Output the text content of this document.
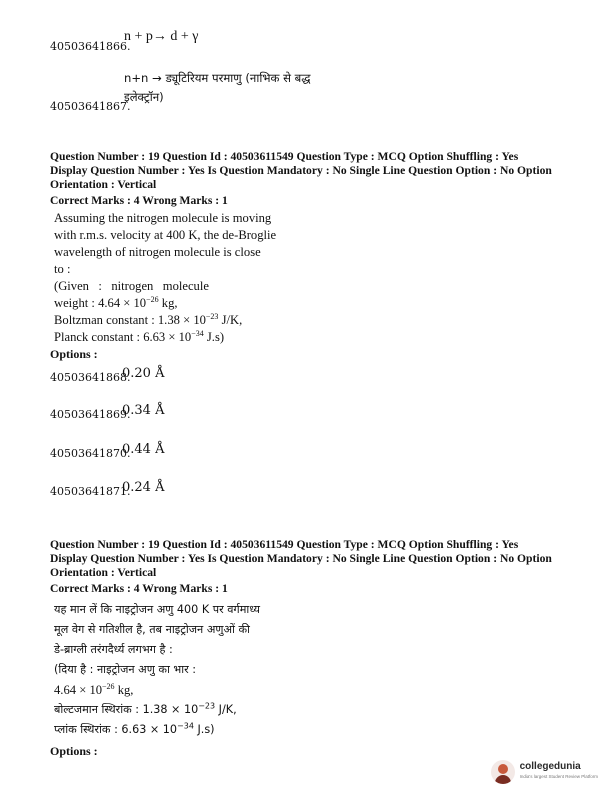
40503641866.
n + p→ d + γ
n+n → ड्यूटिरियम परमाणु (नाभिक से बद्ध
इलेक्ट्रॉन)
40503641867.
Question Number : 19 Question Id : 40503611549 Question Type : MCQ Option Shuffling : Yes
Display Question Number : Yes Is Question Mandatory : No Single Line Question Option : No Option
Orientation : Vertical
Correct Marks : 4 Wrong Marks : 1
Assuming the nitrogen molecule is moving
with r.m.s. velocity at 400 K, the de-Broglie
wavelength of nitrogen molecule is close
to :
(Given   :   nitrogen   molecule
weight : $4.64 \times 10^{-26}$ kg,
Boltzman constant : $1.38 \times 10^{-23}$ J/K,
Planck constant : $6.63 \times 10^{-34}$ J.s)
Options :
40503641868.
0.20 Å
40503641869.
0.34 Å
40503641870.
0.44 Å
40503641871.
0.24 Å
Question Number : 19 Question Id : 40503611549 Question Type : MCQ Option Shuffling : Yes
Display Question Number : Yes Is Question Mandatory : No Single Line Question Option : No Option
Orientation : Vertical
Correct Marks : 4 Wrong Marks : 1
यह मान लें कि नाइट्रोजन अणु 400 K पर वर्गमाध्य
मूल वेग से गतिशील है, तब नाइट्रोजन अणुओं की
डे-ब्राग्ली तरंगदैर्ध्य लगभग है :
(दिया है : नाइट्रोजन अणु का भार :
$4.64 \times 10^{-26}$ kg,
बोल्टजमान स्थिरांक : $1.38 \times 10^{-23}$ J/K,
प्लांक स्थिरांक : $6.63 \times 10^{-34}$ J.s)
Options :
collegedunia
India's largest Student Review Platform
